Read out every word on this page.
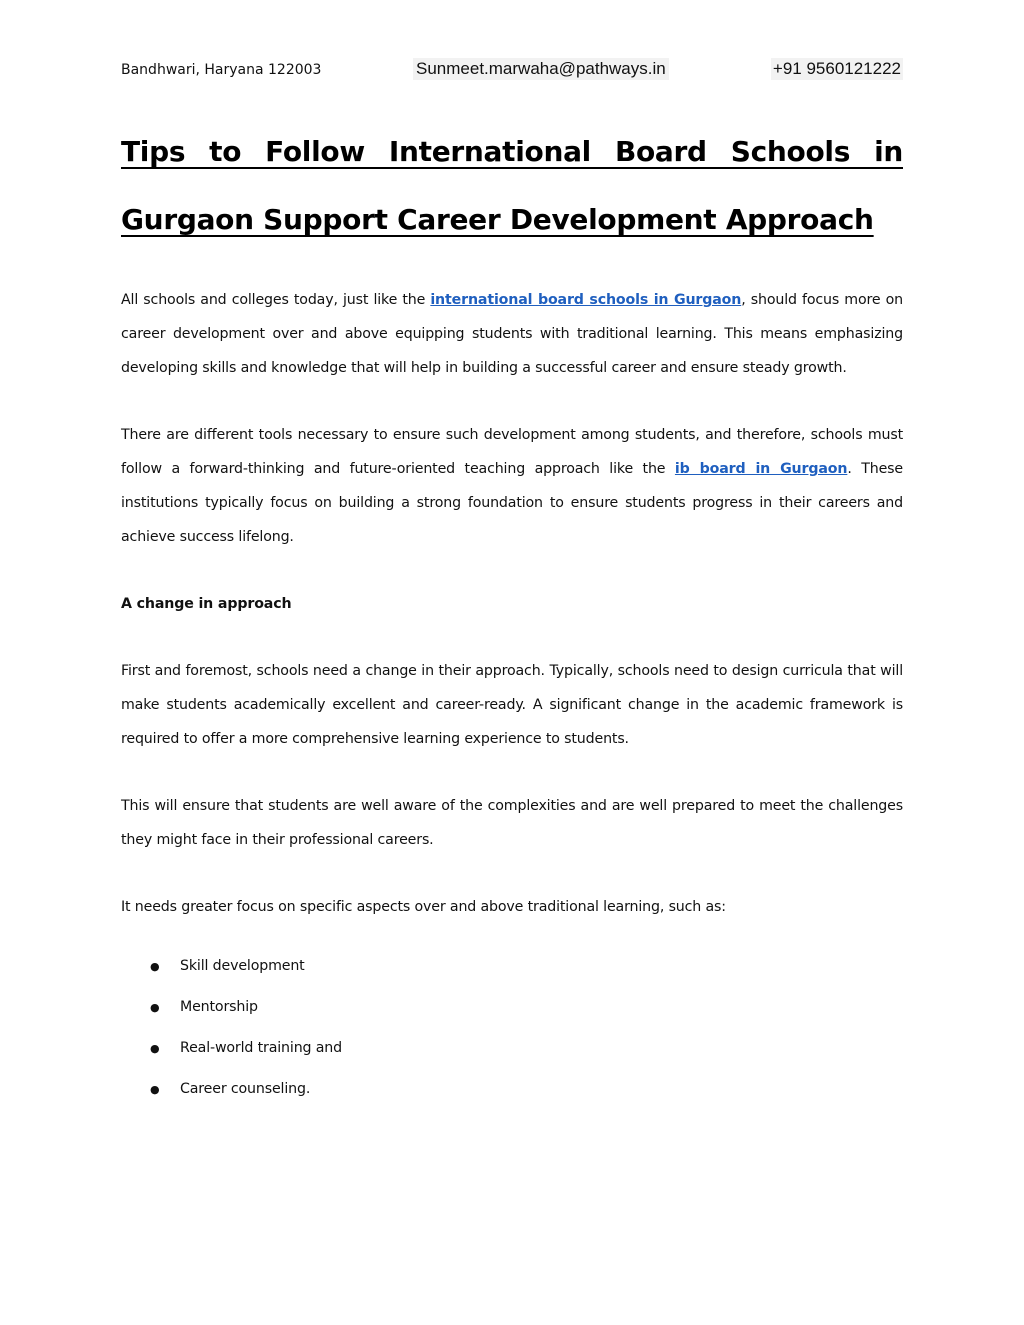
Bandhwari, Haryana 122003	Sunmeet.marwaha@pathways.in	+91 9560121222
Tips to Follow International Board Schools in
Gurgaon Support Career Development Approach

All schools and colleges today, just like the international board schools in Gurgaon, should focus more on career development over and above equipping students with traditional learning. This means emphasizing developing skills and knowledge that will help in building a successful career and ensure steady growth.

There are different tools necessary to ensure such development among students, and therefore, schools must follow a forward-thinking and future-oriented teaching approach like the ib board in Gurgaon. These institutions typically focus on building a strong foundation to ensure students progress in their careers and achieve success lifelong.

A change in approach

First and foremost, schools need a change in their approach. Typically, schools need to design curricula that will make students academically excellent and career-ready. A significant change in the academic framework is required to offer a more comprehensive learning experience to students.

This will ensure that students are well aware of the complexities and are well prepared to meet the challenges they might face in their professional careers.

It needs greater focus on specific aspects over and above traditional learning, such as:

● Skill development
● Mentorship
● Real-world training and
● Career counseling.
